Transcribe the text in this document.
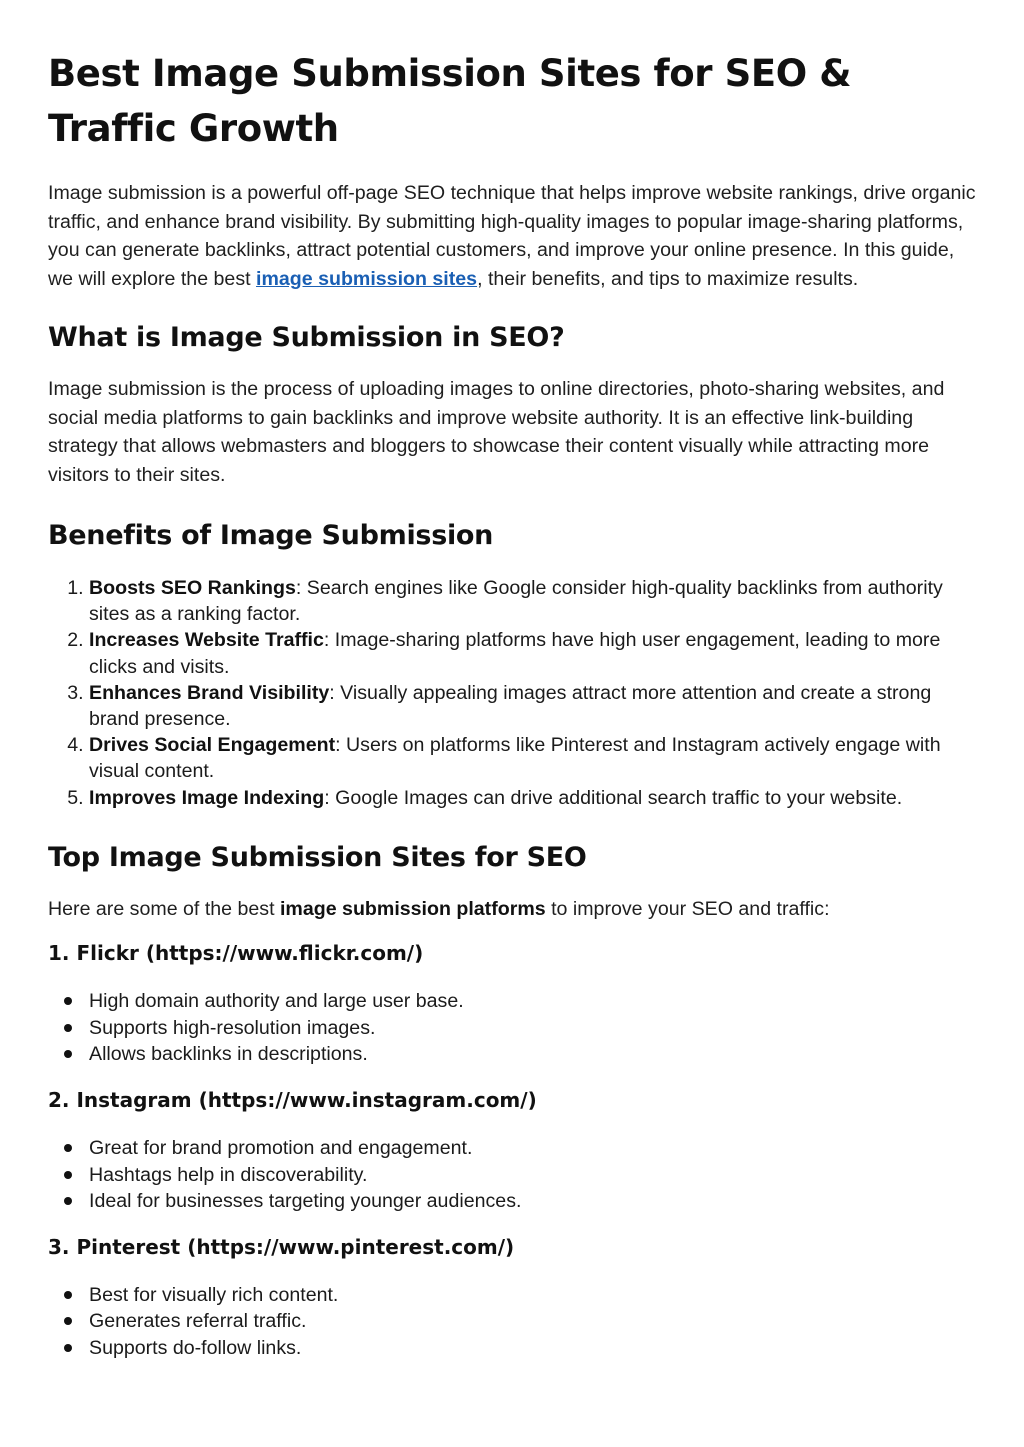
Best Image Submission Sites for SEO & Traffic Growth

Image submission is a powerful off-page SEO technique that helps improve website rankings, drive organic traffic, and enhance brand visibility. By submitting high-quality images to popular image-sharing platforms, you can generate backlinks, attract potential customers, and improve your online presence. In this guide, we will explore the best image submission sites, their benefits, and tips to maximize results.

What is Image Submission in SEO?

Image submission is the process of uploading images to online directories, photo-sharing websites, and social media platforms to gain backlinks and improve website authority. It is an effective link-building strategy that allows webmasters and bloggers to showcase their content visually while attracting more visitors to their sites.

Benefits of Image Submission
1. Boosts SEO Rankings: Search engines like Google consider high-quality backlinks from authority sites as a ranking factor.
2. Increases Website Traffic: Image-sharing platforms have high user engagement, leading to more clicks and visits.
3. Enhances Brand Visibility: Visually appealing images attract more attention and create a strong brand presence.
4. Drives Social Engagement: Users on platforms like Pinterest and Instagram actively engage with visual content.
5. Improves Image Indexing: Google Images can drive additional search traffic to your website.
Top Image Submission Sites for SEO

Here are some of the best image submission platforms to improve your SEO and traffic:

1. Flickr (https://www.flickr.com/)
High domain authority and large user base.
Supports high-resolution images.
Allows backlinks in descriptions.
2. Instagram (https://www.instagram.com/)
Great for brand promotion and engagement.
Hashtags help in discoverability.
Ideal for businesses targeting younger audiences.
3. Pinterest (https://www.pinterest.com/)
Best for visually rich content.
Generates referral traffic.
Supports do-follow links.
